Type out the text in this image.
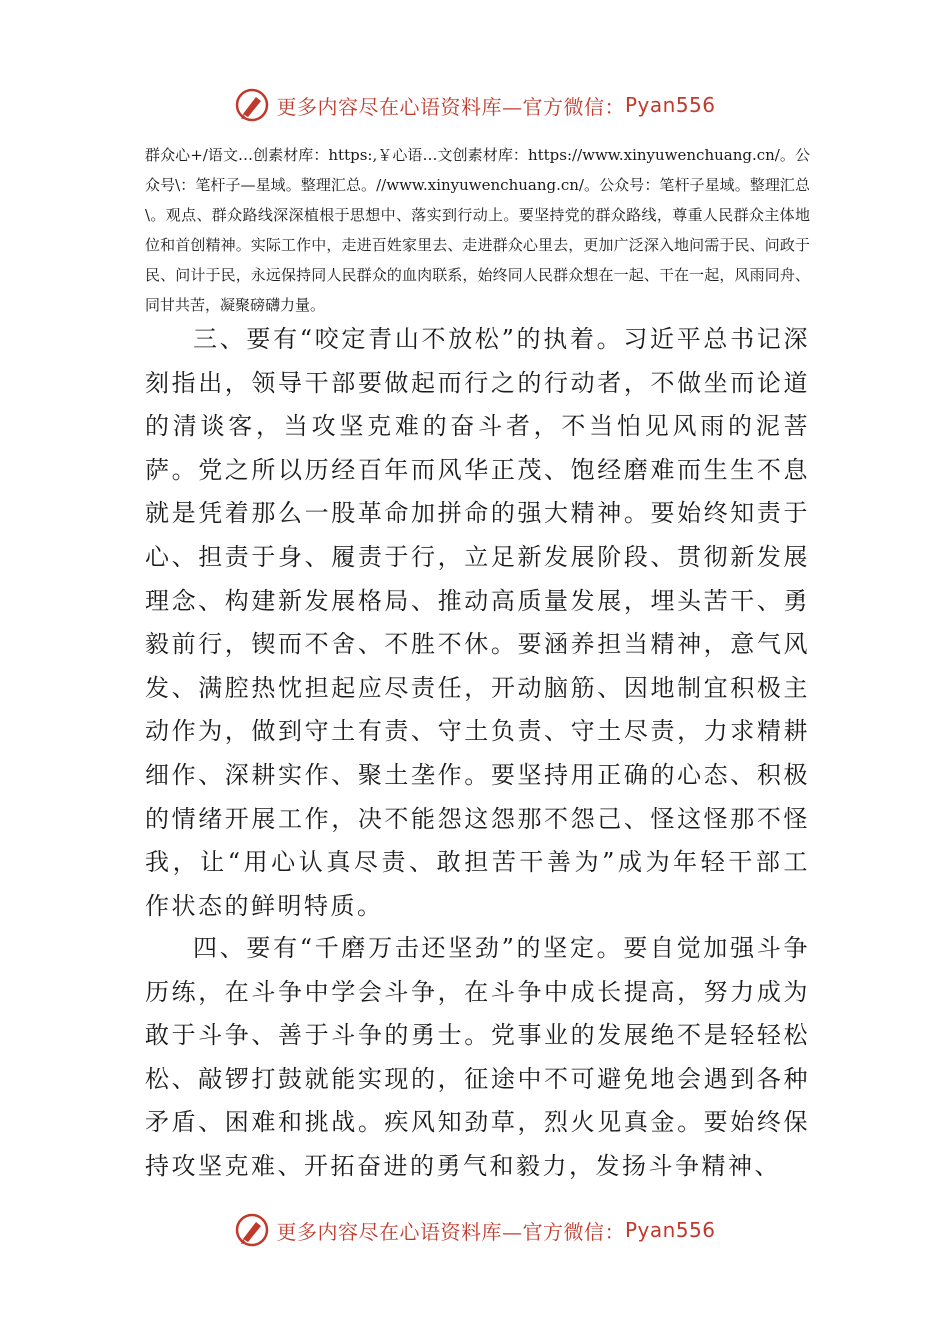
更多内容尽在心语资料库—官方微信： Pyan556

群众心+/语文…创素材库：https:,￥心语…文创素材库：https://www.xinyuwenchuang.cn/。公众号\：笔杆子—星域。整理汇总。//www.xinyuwenchuang.cn/。公众号：笔杆子星域。整理汇总\。观点、群众路线深深植根于思想中、落实到行动上。要坚持党的群众路线，尊重人民群众主体地位和首创精神。实际工作中，走进百姓家里去、走进群众心里去，更加广泛深入地问需于民、问政于民、问计于民，永远保持同人民群众的血肉联系，始终同人民群众想在一起、干在一起，风雨同舟、同甘共苦，凝聚磅礴力量。

三、要有“咬定青山不放松”的执着。习近平总书记深刻指出，领导干部要做起而行之的行动者，不做坐而论道的清谈客，当攻坚克难的奋斗者，不当怕见风雨的泥菩萨。党之所以历经百年而风华正茂、饱经磨难而生生不息就是凭着那么一股革命加拼命的强大精神。要始终知责于心、担责于身、履责于行，立足新发展阶段、贯彻新发展理念、构建新发展格局、推动高质量发展，埋头苦干、勇毅前行，锲而不舍、不胜不休。要涵养担当精神，意气风发、满腔热忱担起应尽责任，开动脑筋、因地制宜积极主动作为，做到守土有责、守土负责、守土尽责，力求精耕细作、深耕实作、聚土垄作。要坚持用正确的心态、积极的情绪开展工作，决不能怨这怨那不怨己、怪这怪那不怪我，让“用心认真尽责、敢担苦干善为”成为年轻干部工作状态的鲜明特质。

四、要有“千磨万击还坚劲”的坚定。要自觉加强斗争历练，在斗争中学会斗争，在斗争中成长提高，努力成为敢于斗争、善于斗争的勇士。党事业的发展绝不是轻轻松松、敲锣打鼓就能实现的，征途中不可避免地会遇到各种矛盾、困难和挑战。疾风知劲草，烈火见真金。要始终保持攻坚克难、开拓奋进的勇气和毅力，发扬斗争精神、

更多内容尽在心语资料库—官方微信： Pyan556
